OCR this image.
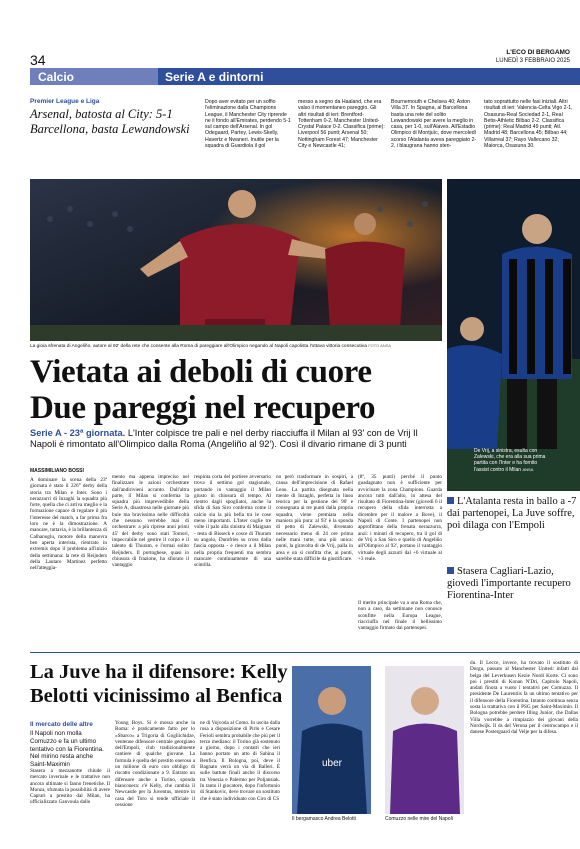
34	L'ECO DI BERGAMO
LUNEDÌ 3 FEBBRAIO 2025
Calcio	Serie A e dintorni
Premier League e Liga
Arsenal, batosta al City: 5-1 Barcellona, basta Lewandowski
Dopo aver evitato per un soffio l'eliminazione dalla Champions League, il Manchester City riprende ne il fondo all'Emirates, perdendo 5-1 sul campo dell'Arsenal. In gol Odegaard, Partey, Lewis-Skelly, Havertz e Nwaneri. Inutile per la squadra di Guardiola il gol
messo a segno da Haaland, che era valso il momentaneo pareggio. Gli altri risultati di ieri: Brentford-Tottenham 0-2, Manchester United-Crystal Palace 0-2. Classifica (prime): Liverpool 56 punti; Arsenal 50; Nottingham Forest 47; Manchester City e Newcastle 41;
Bournemouth e Chelsea 40; Aston Villa 37. In Spagna, al Barcellona basta una rete del solito Lewandowski per avere la meglio in casa, per 1-0, sull'Alaves. All'Estadio Olimpico di Montjuïc, dove mercoledì scorso l'Atalanta aveva pareggiato 2-2, i blaugrana hanno sten-
tato soprattutto nelle fasi iniziali. Altri risultati di ieri: Valencia-Celta Vigo 2-1, Osasuna-Real Sociedad 2-1, Real Betis-Athletic Bilbao 2-2. Classifica (prime): Real Madrid 49 punti; Atl. Madrid 48; Barcellona 45; Bilbao 44; Villarreal 37; Rayo Vallecano 32; Maiorca, Osasuna 30.
La gioia sfrenata di Angeliño, autore al 92' della rete che consente alla Roma di pareggiare all'Olimpico negando al Napoli capolista l'ottava vittoria consecutiva FOTO ANSA
De Vrij, a sinistra, esulta con Zalewski, che era alla sua prima partita con l'Inter e ha fornito l'assist contro il Milan ANSA
Vietata ai deboli di cuore
Due pareggi nel recupero
Serie A - 23ª giornata. L'Inter colpisce tre pali e nel derby riacciuffa il Milan al 93' con de Vrij Il Napoli è rimontato all'Olimpico dalla Roma (Angeliño al 92'). Così il divario rimane di 3 punti
MASSIMILIANO BOSSI
A dominare la scena della 23ª giornata è stato il 226° derby della storia tra Milan e Inter. Sono i nerazzurri di Inzaghi la squadra più forte, quella che ci arriva meglio e la formazione capace di regalare il più l'interesse del match, a far prima fra loro ne è la dimostrazione. A mancare, tuttavia, è la brillantezza di Calhanoglu, motore della manovra ben aperta interista, rientrato in extremis dopo il problema all'inizio della settimana: la rete di Reijnders della Lautaro Martinez perfetto nell'atteggia-
mento ma appena impreciso nel finalizzare le azioni orchestrate dall'andirivieni accanto. Dall'altra parte, il Milan si conferma la squadra più imprevedibile della Serie A, disastrosa nelle giornate più buie ma bravissima nelle difficoltà che nessuno verrebbe mai di orchestrare: a più riprese anni primi 45' del derby sono stati Tomori, impeccabile nel gestire il corpo e il talento di Thuram, e l'ormai solito Reijnders. Il portoghese, quasi in chiusura di frazione, ha sfiorato il vantaggio
respinta corta del portiere avversario trova il settimo gol stagionale, portando in vantaggio il Milan giusto in chiusura di tempo. Al rientro dagli spogliatoi, anche la sfida di San Siro conferma come il calcio sia la più bella tra le cose meno importanti. L'Inter coglie tre volte il palo alla sinistra di Maignan - testa di Bisseck e cosce di Thuram su angolo, Dumfries su cross dalla fascia opposta - e riesce a il Milan nella propria frequenti ma sembra mancare continuamente di una scintilla.
no però trasformare in sospiri, a causa dell'imprecisione di Rafael Leao. La partita disegnata nella mente di Inzaghi, perfetta in linea teorica per la gestione dei 90' e consegnata ai tre punti dalla propria squadra, viene premiata nella maniera più pura: al 93' è la sponda di petto di Zalewski, diventato necessario meno di 24 ore prima nelle mani tutte, una più unica: punti, la giravolta di de Vrij, palla in area e un sì confitta che, ai punti, sarebbe stata difficile da giustificare.
(8ª, 35 punti) perché il punto guadagnato non è sufficiente per avvicinare la zona Champions. Guarda ancora tutti dall'alto, in attesa del risultato di Fiorentina-Inter (giovedì 6 il recupero della sfida interrotta a dicembre per il malore a Bove), il Napoli di Conte. I partenopei non approfittano della frenata nerazzurra, anzi: i minuti di recupero, tra il gol di de Vrij a San Siro e quello di Angeliño all'Olimpico al 92', portano il vantaggio virtuale degli azzurri dal +6 virtuale al +3 reale.
Il merito principale va a una Roma che, non a caso, da settimane non conosce sconfitte nella Europa League, riacciuffa nel finale il bellissimo vantaggio firmato dai partenopei.
L'Atalanta resta in ballo a -7 dai partenopei, La Juve soffre, poi dilaga con l'Empoli
Stasera Cagliari-Lazio, giovedì l'importante recupero Fiorentina-Inter
La Juve ha il difensore: Kelly
Belotti vicinissimo al Benfica
Il mercato delle altre
Il Napoli non molla Comuzzo e fa un ultimo tentativo con la Fiorentina. Nel mirino resta anche Saint-Maximin
Stasera a mezzanotte chiude il mercato invernale e le trattative non ancora ultimate si fanno frenetiche. Il Monza, sfumata la possibilità di avere Caprari a prestito dal Milan, ha ufficializzato Ganvoula dallo
Young Boys. Si è mossa anche la Roma: è praticamente fatto per lo «Sbarco» a Trigoria di Gogliichidze, ventenne difensore centrale georgiano dell'Empoli, club tradizionalmente cantiere di qualche giovane. La formula è quella del prestito oneroso a un milione di euro con obbligo di riscatto condizionato a 9. Entrato un difensore anche a Torino, sponda bianconera: c'è Kelly, che cambia il Newcastle per la Juventus, mentre in casa del Toro si tende ufficiale il cessione
ne di Vojvoda al Como. In uscita dalla rosa a disposizione di Pirlo e Cesare Ferioli sembra probabile che più per il terzo mediano: il Torino già sostenuto a giorno, dopo i contatti che ieri hanno portato un atto di Sabina il Benfica. Il Bologna, poi, deve il Bagnato verrà un via di Balleri. È sulle battute finali anche il discorso tra Venezia e Palermo per Poljansiak. In tanto il giocatore, dopo l'infortunio di Stankovic, deve trovare un sostituto che è stato individuato con Ciro di CS
du. Il Lecce, invece, ha trovato il sostituto di Dorgu, passato al Manchester United: infatti dal belga del Leverkusen Kezie Nordi Korte. Ci sono poi i prestiti di Konan N'Dri, Capitolo Napoli, andati finora a vuoto i tentativi per Comuzzo. Il presidente De Laurentiis fa un ultimo tentativo per il difensore della Fiorentina. Intanto continua senza sosta la trattativa con il PSG per Saint-Maximin. Il Bologna potrebbe perdere Illing Junior, che Dallas Villa vorrebbe a rimpiazzo dei giovani della Nordwijk. Il ds del Verona per il centrocampo e il danese Postergaard dal Velje per la difesa.
uber
Il bergamasco Andrea Belotti	Comuzzo nelle mire del Napoli
